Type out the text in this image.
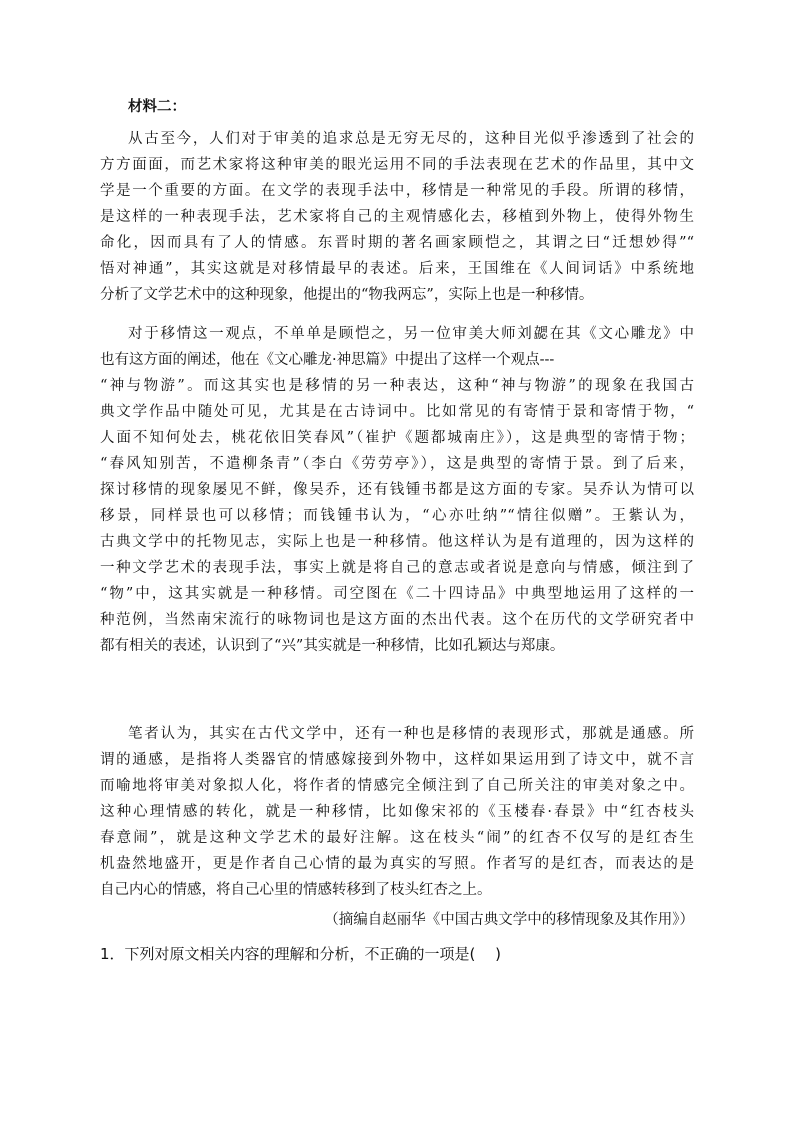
材料二：
从古至今，人们对于审美的追求总是无穷无尽的，这种目光似乎渗透到了社会的
方方面面，而艺术家将这种审美的眼光运用不同的手法表现在艺术的作品里，其中文
学是一个重要的方面。在文学的表现手法中，移情是一种常见的手段。所谓的移情，
是这样的一种表现手法，艺术家将自己的主观情感化去，移植到外物上，使得外物生
命化，因而具有了人的情感。东晋时期的著名画家顾恺之，其谓之曰“迁想妙得”“
悟对神通”，其实这就是对移情最早的表述。后来，王国维在《人间词话》中系统地
分析了文学艺术中的这种现象，他提出的“物我两忘”，实际上也是一种移情。
对于移情这一观点，不单单是顾恺之，另一位审美大师刘勰在其《文心雕龙》中
也有这方面的阐述，他在《文心雕龙·神思篇》中提出了这样一个观点---
“神与物游”。而这其实也是移情的另一种表达，这种“神与物游”的现象在我国古
典文学作品中随处可见，尤其是在古诗词中。比如常见的有寄情于景和寄情于物，“
人面不知何处去，桃花依旧笑春风”（崔护《题都城南庄》），这是典型的寄情于物；
“春风知别苦，不遣柳条青”（李白《劳劳亭》），这是典型的寄情于景。到了后来，
探讨移情的现象屡见不鲜，像吴乔，还有钱锺书都是这方面的专家。吴乔认为情可以
移景，同样景也可以移情；而钱锺书认为，“心亦吐纳”“情往似赠”。王紫认为，
古典文学中的托物见志，实际上也是一种移情。他这样认为是有道理的，因为这样的
一种文学艺术的表现手法，事实上就是将自己的意志或者说是意向与情感，倾注到了
“物”中，这其实就是一种移情。司空图在《二十四诗品》中典型地运用了这样的一
种范例，当然南宋流行的咏物词也是这方面的杰出代表。这个在历代的文学研究者中
都有相关的表述，认识到了“兴”其实就是一种移情，比如孔颖达与郑康。
笔者认为，其实在古代文学中，还有一种也是移情的表现形式，那就是通感。所
谓的通感，是指将人类器官的情感嫁接到外物中，这样如果运用到了诗文中，就不言
而喻地将审美对象拟人化，将作者的情感完全倾注到了自己所关注的审美对象之中。
这种心理情感的转化，就是一种移情，比如像宋祁的《玉楼春·春景》中“红杏枝头
春意闹”，就是这种文学艺术的最好注解。这在枝头“闹”的红杏不仅写的是红杏生
机盎然地盛开，更是作者自己心情的最为真实的写照。作者写的是红杏，而表达的是
自己内心的情感，将自己心里的情感转移到了枝头红杏之上。
（摘编自赵丽华《中国古典文学中的移情现象及其作用》）
1．下列对原文相关内容的理解和分析，不正确的一项是(　 )
